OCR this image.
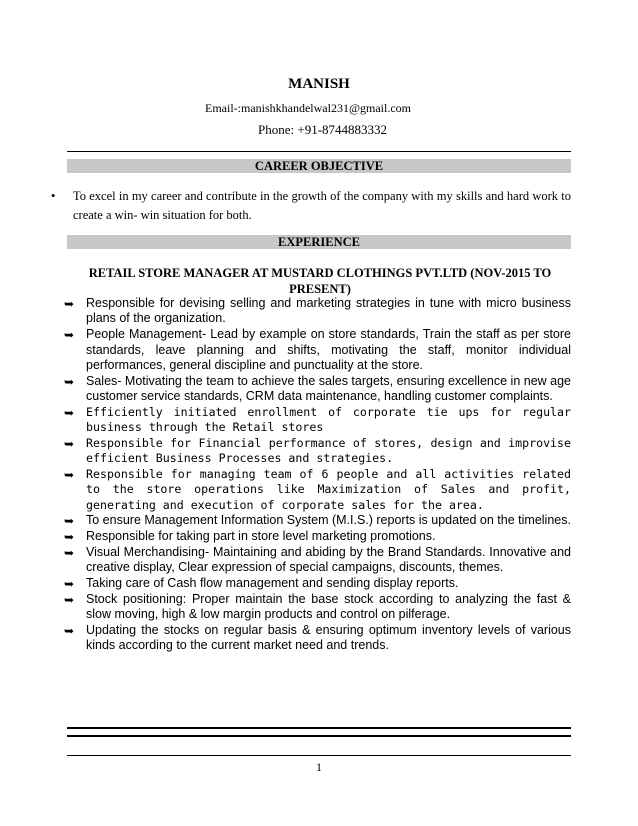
MANISH
Email-:manishkhandelwal231@gmail.com
Phone: +91-8744883332
CAREER OBJECTIVE
• To excel in my career and contribute in the growth of the company with my skills and hard work to create a win- win situation for both.
EXPERIENCE
RETAIL STORE MANAGER AT MUSTARD CLOTHINGS PVT.LTD (NOV-2015 TO PRESENT)
➥ Responsible for devising selling and marketing strategies in tune with micro business plans of the organization.
➥ People Management- Lead by example on store standards, Train the staff as per store standards, leave planning and shifts, motivating the staff, monitor individual performances, general discipline and punctuality at the store.
➥ Sales- Motivating the team to achieve the sales targets, ensuring excellence in new age customer service standards, CRM data maintenance, handling customer complaints.
➥ Efficiently initiated enrollment of corporate tie ups for regular business through the Retail stores
➥ Responsible for Financial performance of stores, design and improvise efficient Business Processes and strategies.
➥ Responsible for managing team of 6 people and all activities related to the store operations like Maximization of Sales and profit, generating and execution of corporate sales for the area.
➥ To ensure Management Information System (M.I.S.) reports is updated on the timelines.
➥ Responsible for taking part in store level marketing promotions.
➥ Visual Merchandising- Maintaining and abiding by the Brand Standards. Innovative and creative display, Clear expression of special campaigns, discounts, themes.
➥ Taking care of Cash flow management and sending display reports.
➥ Stock positioning: Proper maintain the base stock according to analyzing the fast & slow moving, high & low margin products and control on pilferage.
➥ Updating the stocks on regular basis & ensuring optimum inventory levels of various kinds according to the current market need and trends.
1
